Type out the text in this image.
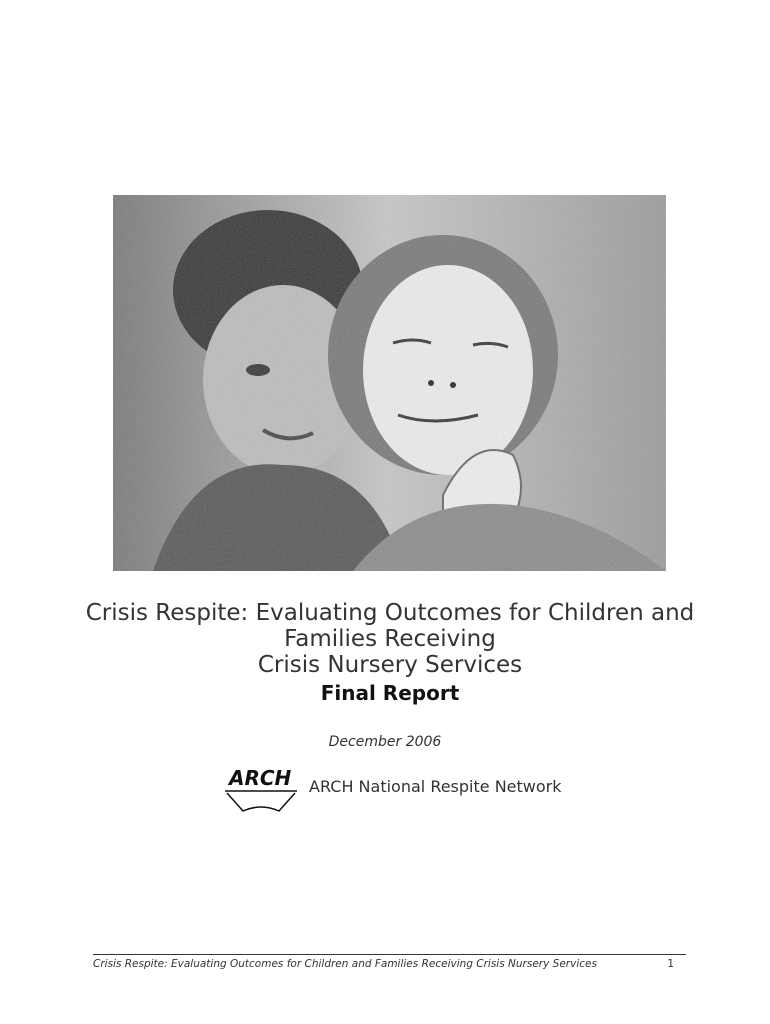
Crisis Respite: Evaluating Outcomes for Children and
Families Receiving
Crisis Nursery Services
Final Report
December 2006
ARCH ARCH National Respite Network
Crisis Respite: Evaluating Outcomes for Children and Families Receiving Crisis Nursery Services	1
